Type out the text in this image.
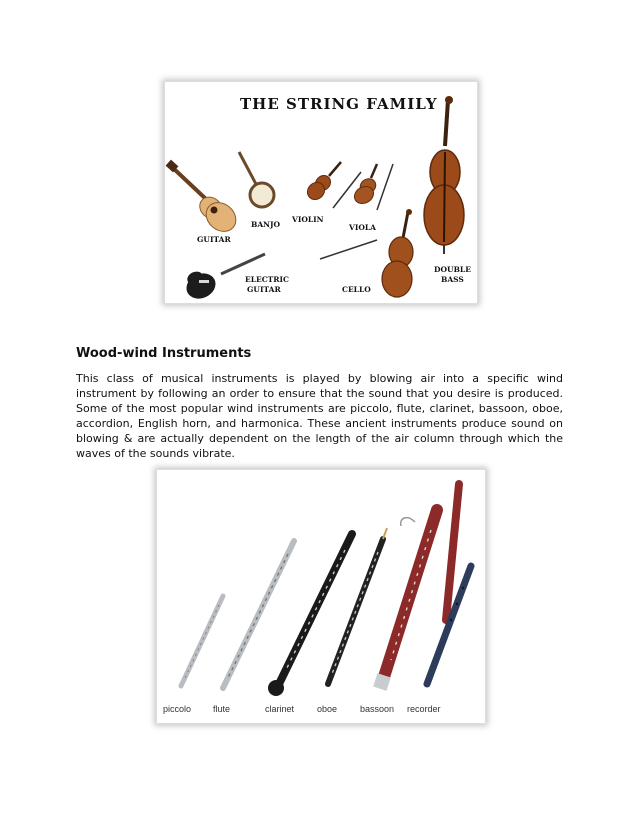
THE STRING FAMILY
GUITAR
BANJO
VIOLIN
VIOLA
DOUBLE
BASS
ELECTRIC
GUITAR	CELLO
Wood-wind Instruments

This class of musical instruments is played by blowing air into a specific wind instrument by following an order to ensure that the sound that you desire is produced. Some of the most popular wind instruments are piccolo, flute, clarinet, bassoon, oboe, accordion, English horn, and harmonica. These ancient instruments produce sound on blowing & are actually dependent on the length of the air column through which the waves of the sounds vibrate.

piccolo flute	clarinet	oboe	bassoon recorder
